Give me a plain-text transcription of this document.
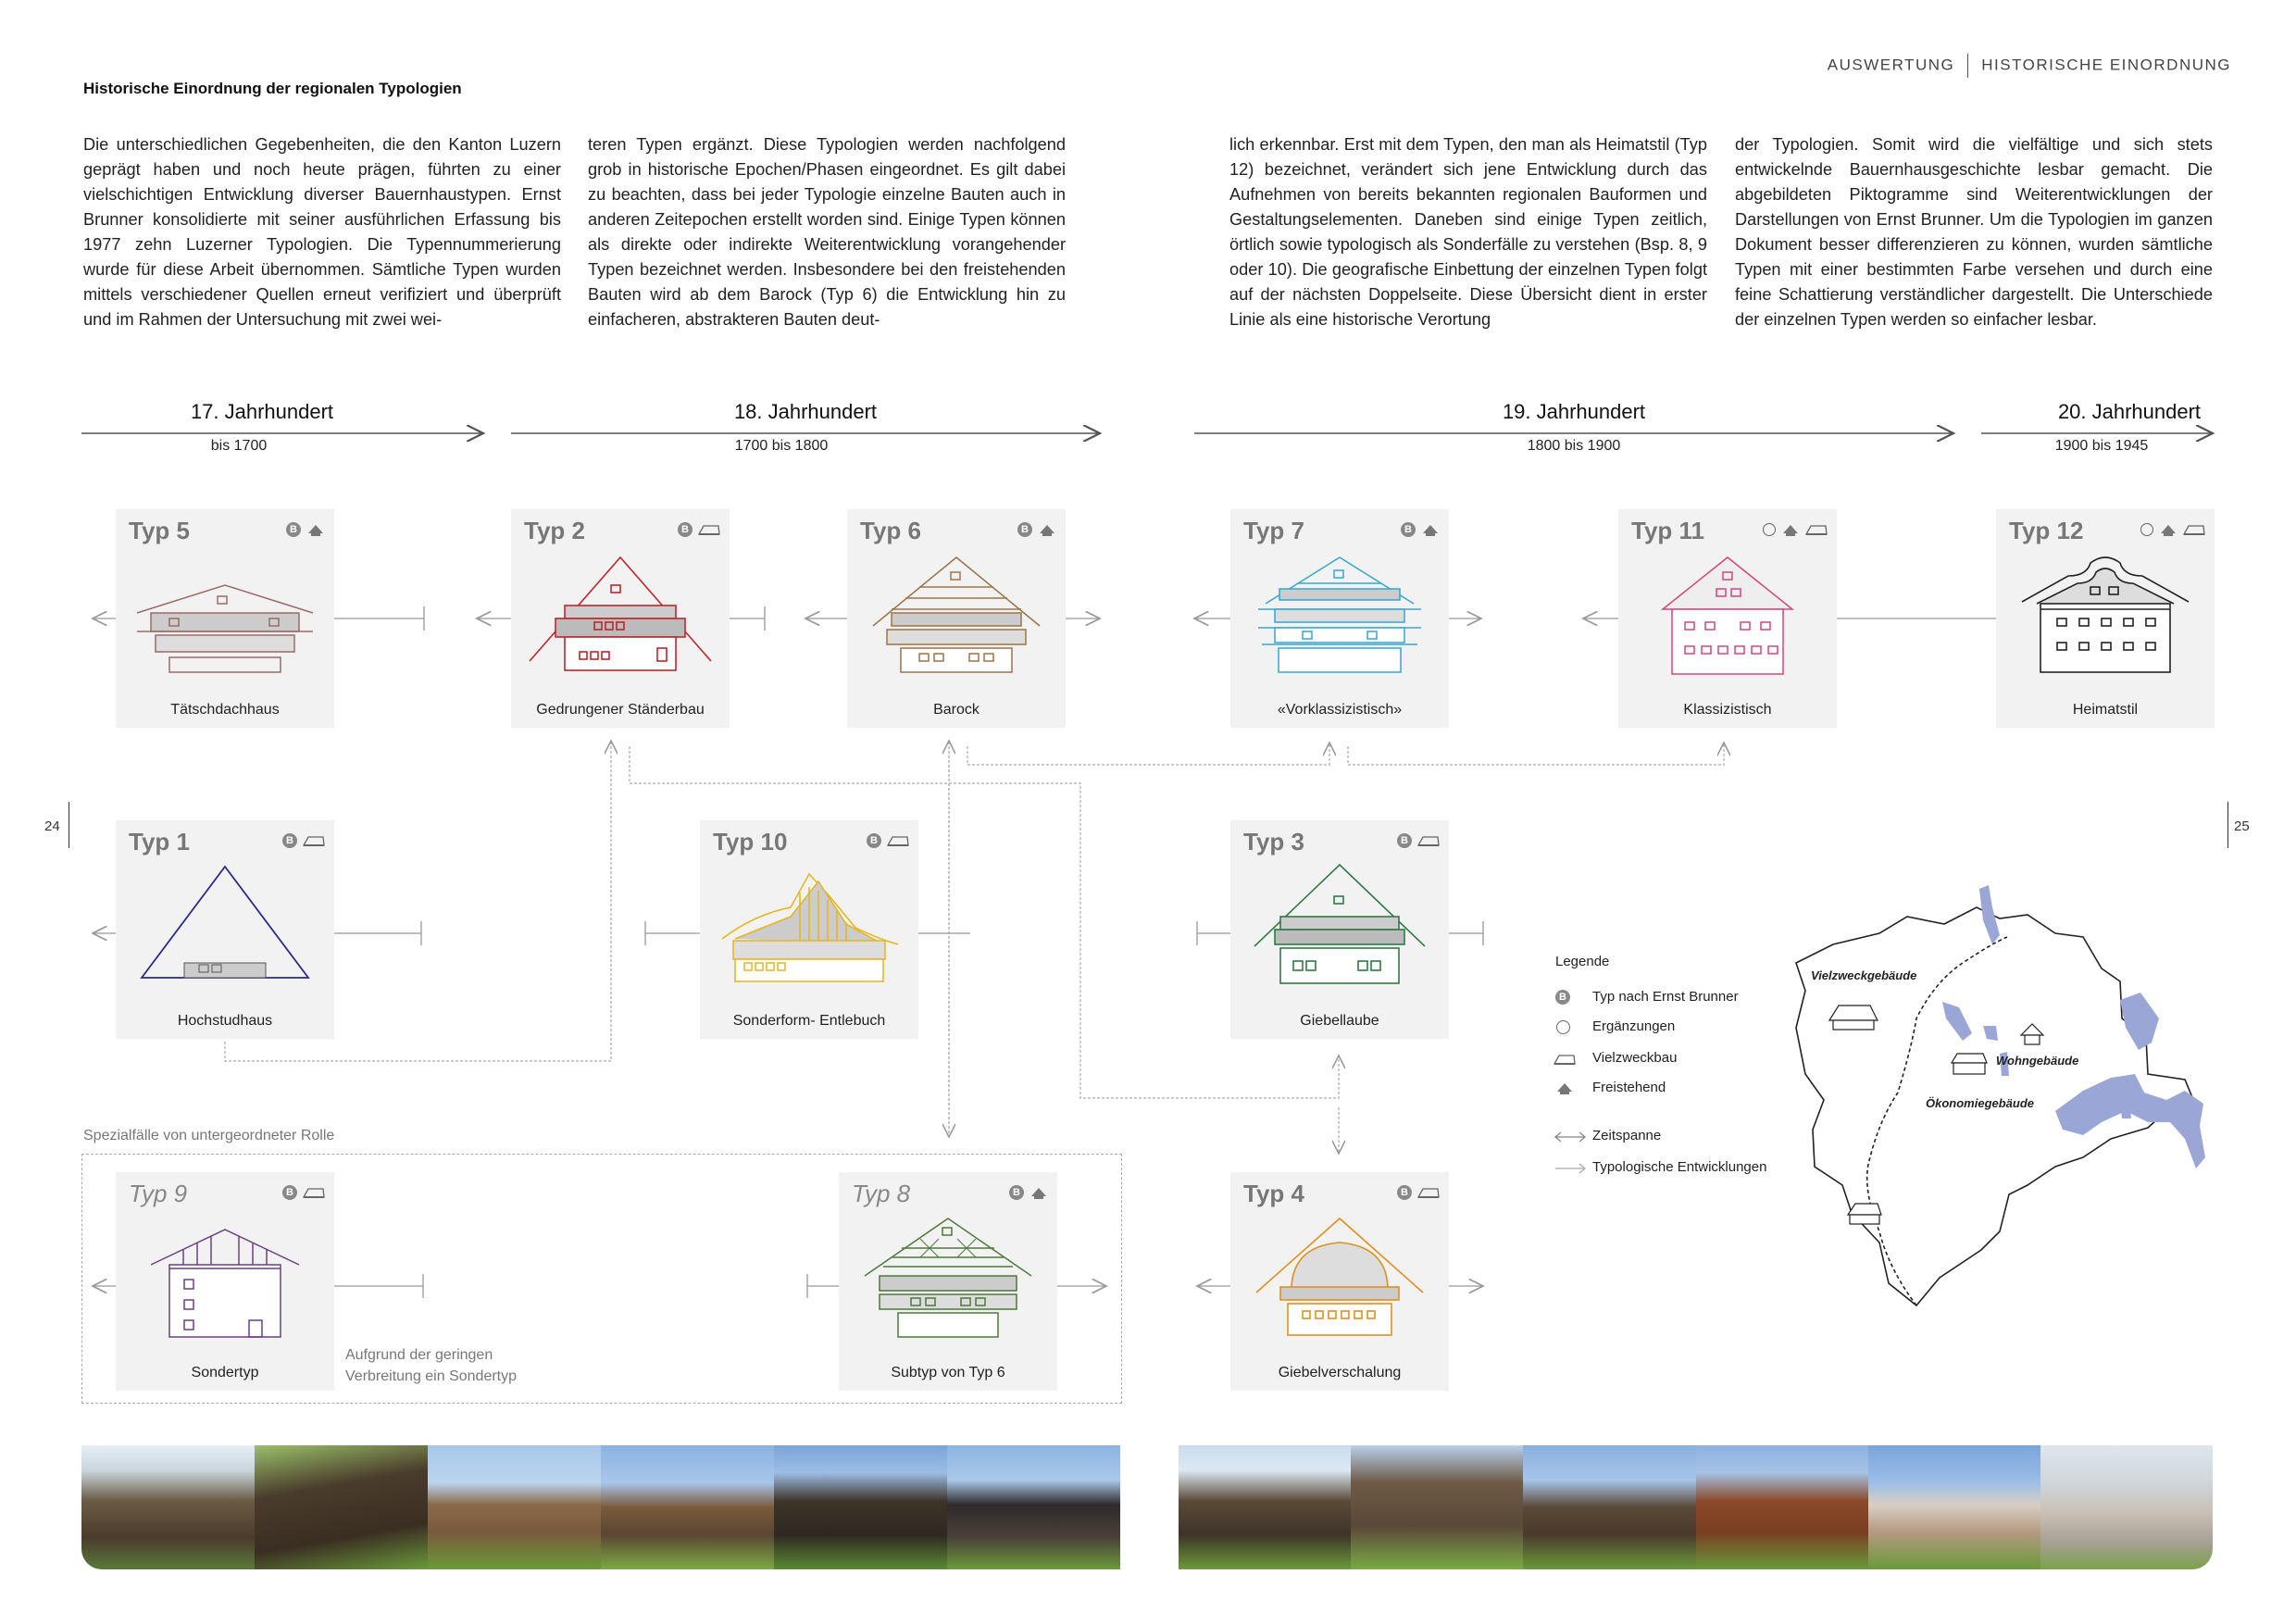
AUSWERTUNG HISTORISCHE EINORDNUNG
Historische Einordnung der regionalen Typologien
Die unterschiedlichen Gegebenheiten, die den Kanton Luzern geprägt haben und noch heute prägen, führten zu einer vielschichtigen Entwicklung diverser Bauernhaustypen. Ernst Brunner konsolidierte mit seiner ausführlichen Erfassung bis 1977 zehn Luzerner Typologien. Die Typennummerierung wurde für diese Arbeit übernommen. Sämtliche Typen wurden mittels verschiedener Quellen erneut verifiziert und überprüft und im Rahmen der Untersuchung mit zwei wei-
teren Typen ergänzt. Diese Typologien werden nachfolgend grob in historische Epochen/Phasen eingeordnet. Es gilt dabei zu beachten, dass bei jeder Typologie einzelne Bauten auch in anderen Zeitepochen erstellt worden sind. Einige Typen können als direkte oder indirekte Weiterentwicklung vorangehender Typen bezeichnet werden. Insbesondere bei den freistehenden Bauten wird ab dem Barock (Typ 6) die Entwicklung hin zu einfacheren, abstrakteren Bauten deut-
lich erkennbar. Erst mit dem Typen, den man als Heimatstil (Typ 12) bezeichnet, verändert sich jene Entwicklung durch das Aufnehmen von bereits bekannten regionalen Bauformen und Gestaltungselementen. Daneben sind einige Typen zeitlich, örtlich sowie typologisch als Sonderfälle zu verstehen (Bsp. 8, 9 oder 10). Die geografische Einbettung der einzelnen Typen folgt auf der nächsten Doppelseite. Diese Übersicht dient in erster Linie als eine historische Verortung
der Typologien. Somit wird die vielfältige und sich stets entwickelnde Bauernhausgeschichte lesbar gemacht. Die abgebildeten Piktogramme sind Weiterentwicklungen der Darstellungen von Ernst Brunner. Um die Typologien im ganzen Dokument besser differenzieren zu können, wurden sämtliche Typen mit einer bestimmten Farbe versehen und durch eine feine Schattierung verständlicher dargestellt. Die Unterschiede der einzelnen Typen werden so einfacher lesbar.
24	25
17. Jahrhundert
bis 1700
18. Jahrhundert
1700 bis 1800
19. Jahrhundert
1800 bis 1900
20. Jahrhundert
1900 bis 1945
Typ 5	B
Tätschdachhaus
Typ 2	B
Gedrungener Ständerbau
Typ 6	B
Barock
Typ 7	B
«Vorklassizistisch»
Typ 11
Klassizistisch
Typ 12
Heimatstil
Typ 1	B
Hochstudhaus
Typ 10	B
Sonderform- Entlebuch
Typ 3	B
Giebellaube
Spezialfälle von untergeordneter Rolle
Aufgrund der geringen
Verbreitung ein Sondertyp
Typ 9	B
Sondertyp
Typ 8	B
Subtyp von Typ 6
Typ 4	B
Giebelverschalung
Legende
B Typ nach Ernst Brunner
Ergänzungen
Vielzweckbau
Freistehend
Zeitspanne
Typologische Entwicklungen
Vielzweckgebäude
Wohngebäude
Ökonomiegebäude
